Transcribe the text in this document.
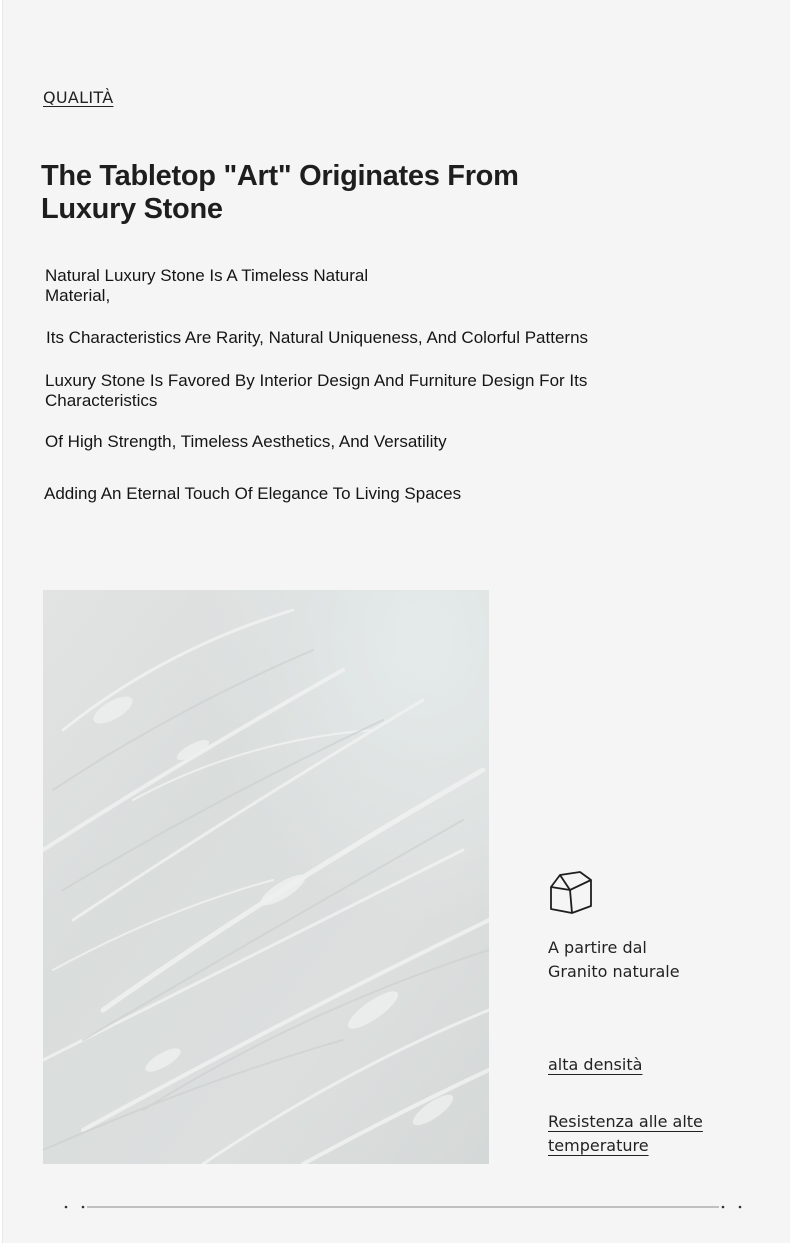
QUALITÀ
The Tabletop "Art" Originates From
Luxury Stone
Natural Luxury Stone Is A Timeless Natural
Material,
Its Characteristics Are Rarity, Natural Uniqueness, And Colorful Patterns
Luxury Stone Is Favored By Interior Design And Furniture Design For Its
Characteristics
Of High Strength, Timeless Aesthetics, And Versatility
Adding An Eternal Touch Of Elegance To Living Spaces
A partire dal
Granito naturale
alta densità
Resistenza alle alte
temperature
